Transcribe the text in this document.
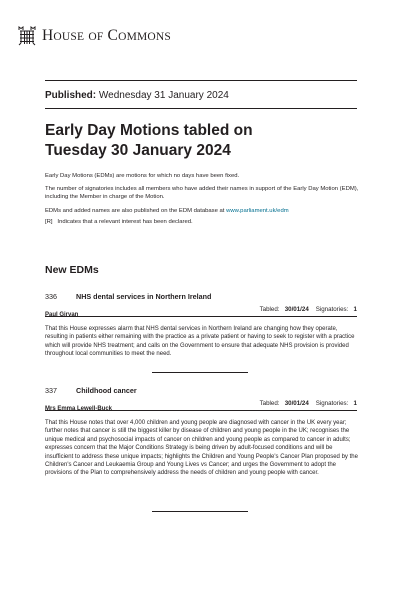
HOUSE OF COMMONS
Published: Wednesday 31 January 2024
Early Day Motions tabled on
Tuesday 30 January 2024
Early Day Motions (EDMs) are motions for which no days have been fixed.
The number of signatories includes all members who have added their names in support of the Early Day Motion (EDM), including the Member in charge of the Motion.
EDMs and added names are also published on the EDM database at www.parliament.uk/edm
[R]   Indicates that a relevant interest has been declared.
New EDMs
336	NHS dental services in Northern Ireland
Tabled: 30/01/24 Signatories: 1
Paul Girvan
That this House expresses alarm that NHS dental services in Northern Ireland are changing how they operate, resulting in patients either remaining with the practice as a private patient or having to seek to register with a practice which will provide NHS treatment; and calls on the Government to ensure that adequate NHS provision is provided throughout local communities to meet the need.
337	Childhood cancer
Tabled: 30/01/24 Signatories: 1
Mrs Emma Lewell-Buck
That this House notes that over 4,000 children and young people are diagnosed with cancer in the UK every year; further notes that cancer is still the biggest killer by disease of children and young people in the UK; recognises the unique medical and psychosocial impacts of cancer on children and young people as compared to cancer in adults; expresses concern that the Major Conditions Strategy is being driven by adult-focused conditions and will be insufficient to address these unique impacts; highlights the Children and Young People's Cancer Plan proposed by the Children's Cancer and Leukaemia Group and Young Lives vs Cancer; and urges the Government to adopt the provisions of the Plan to comprehensively address the needs of children and young people with cancer.
